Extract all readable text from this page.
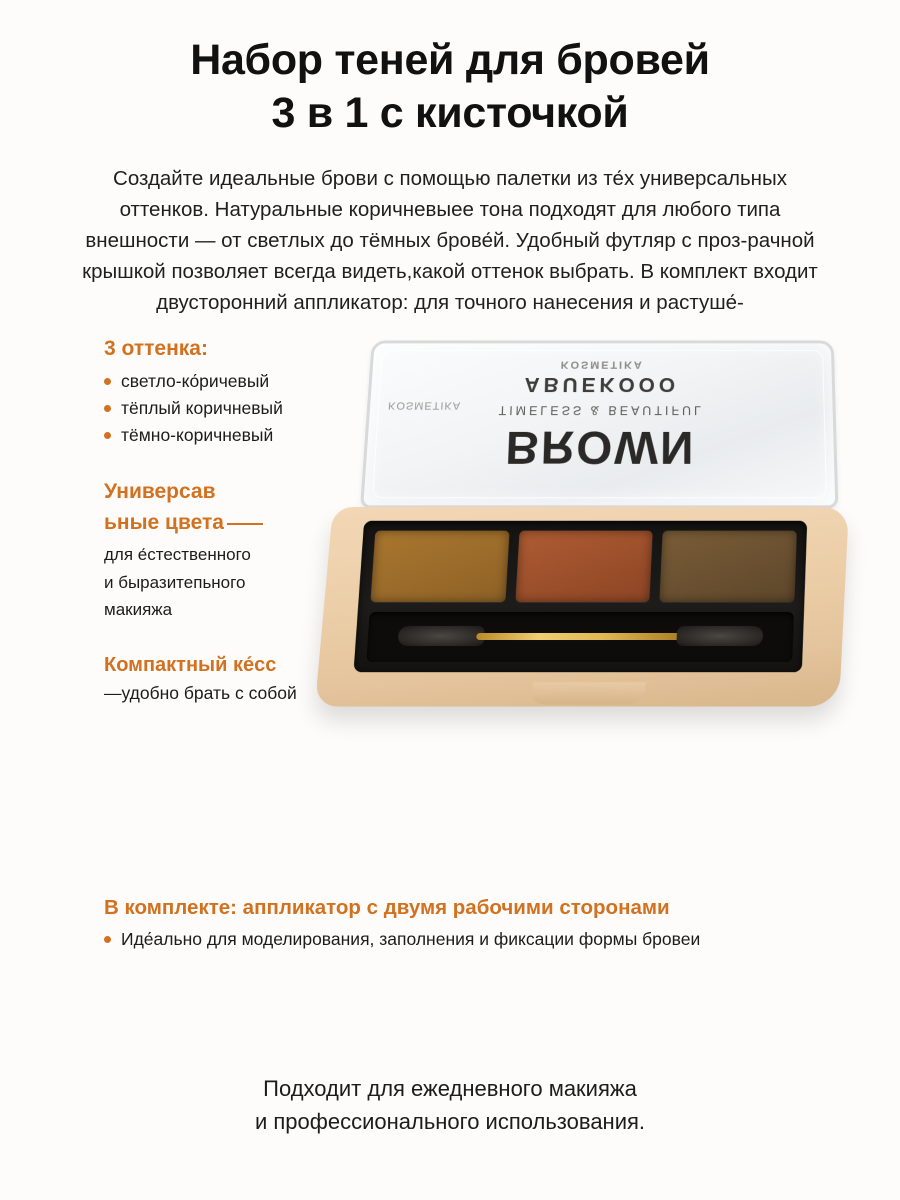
Набор теней для бровей
3 в 1 с кисточкой

Создайте идеальные брови с помощью палетки из те́х универсальных оттенков. Натуральные коричневыее тона подходят для любого типа внешности — от светлых до тёмных брове́й. Удобный футляр с проз-рачной крышкой позволяет всегда видеть,какой оттенок выбрать. В комплект входит двусторонний аппликатор: для точного нанесения и растуше́-

3 оттенка:
светло-ко́ричевый
тёплый коричневый
тёмно-коричневый
Универсав
ьные цвета
для е́стественного
и быразитепьного
макияжа
Компактный ке́сс
—удобно брать с собой
KOSMETIKA
ABUEKOOO
TIMELESS & BEAUTIFUL
BROWN
KOSMETIKA
В комплекте: аппликатор с двумя рабочими сторонами
Иде́ально для моделирования, заполнения и фиксации формы бровеи
Подходит для ежедневного макияжа
и профессионального использования.
